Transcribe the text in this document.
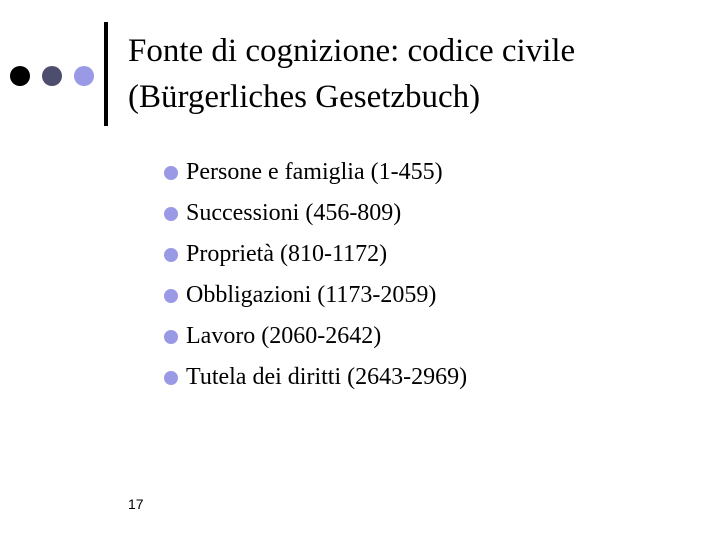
Fonte di cognizione: codice civile
(Bürgerliches Gesetzbuch)
Persone e famiglia (1-455)
Successioni (456-809)
Proprietà (810-1172)
Obbligazioni (1173-2059)
Lavoro (2060-2642)
Tutela dei diritti (2643-2969)
17
